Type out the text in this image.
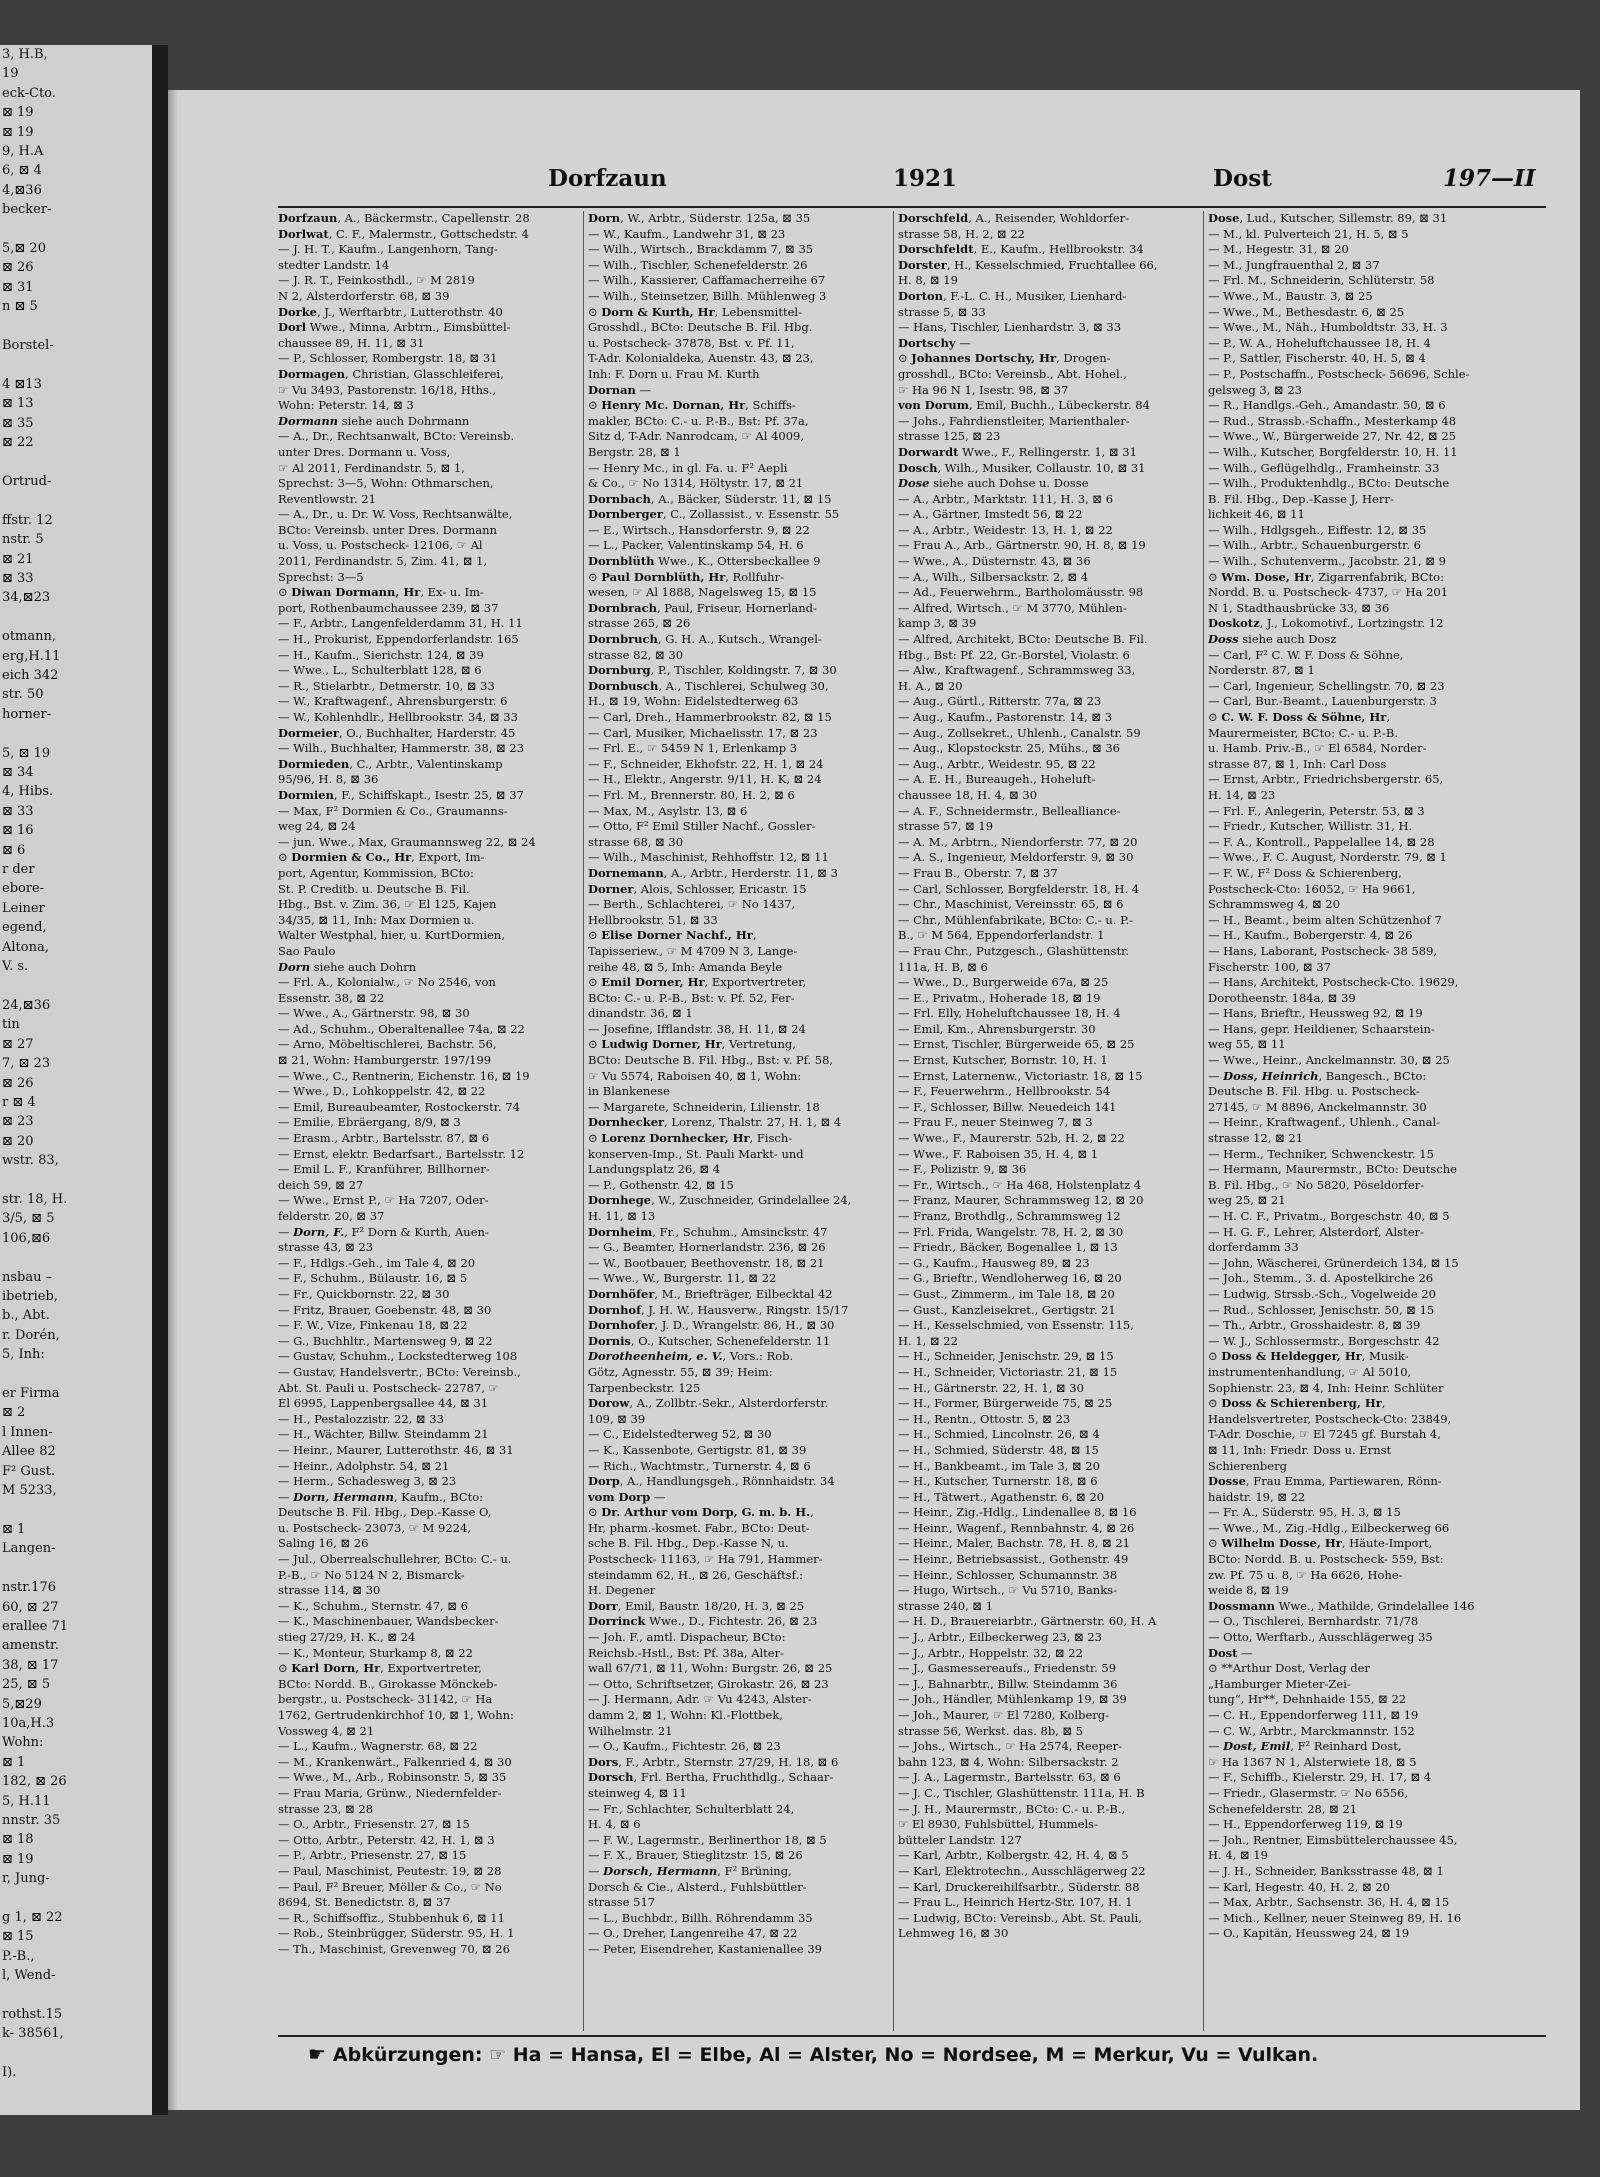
3, H.B,
19
eck-Cto.
⊠ 19
⊠ 19
9, H.A
6, ⊠ 4
4,⊠36
becker-

5,⊠ 20
⊠ 26
⊠ 31
n ⊠ 5

Borstel-

4 ⊠13
⊠ 13
⊠ 35
⊠ 22

Ortrud-

ffstr. 12
nstr. 5
⊠ 21
⊠ 33
34,⊠23

otmann,
erg,H.11
eich 342
str. 50
horner-

5, ⊠ 19
⊠ 34
4, Hibs.
⊠ 33
⊠ 16
⊠ 6
r der
ebore-
Leiner
egend,
Altona,
V. s.

24,⊠36
tin
⊠ 27
7, ⊠ 23
⊠ 26
r ⊠ 4
⊠ 23
⊠ 20
wstr. 83,

str. 18, H.
3/5, ⊠ 5
106,⊠6

nsbau –
ibetrieb,
b., Abt.
r. Dorén,
5, Inh:

er Firma
⊠ 2
l Innen-
Allee 82
F² Gust.
M 5233,

⊠ 1
Langen-

nstr.176
60, ⊠ 27
erallee 71
amenstr.
38, ⊠ 17
25, ⊠ 5
5,⊠29
10a,H.3
Wohn:
⊠ 1
182, ⊠ 26
5, H.11
nnstr. 35
⊠ 18
⊠ 19
r, Jung-

g 1, ⊠ 22
⊠ 15
P.-B.,
l, Wend-

rothst.15
k- 38561,

I).
Dorfzaun	1921	Dost	197—II
Dorfzaun, A., Bäckermstr., Capellenstr. 28
Dorlwat, C. F., Malermstr., Gottschedstr. 4
— J. H. T., Kaufm., Langenhorn, Tang-
stedter Landstr. 14
— J. R. T., Feinkosthdl., ☞ M 2819
N 2, Alsterdorferstr. 68, ⊠ 39
Dorke, J., Werftarbtr., Lutterothstr. 40
Dorl Wwe., Minna, Arbtrn., Eimsbüttel-
chaussee 89, H. 11, ⊠ 31
— P., Schlosser, Rombergstr. 18, ⊠ 31
Dormagen, Christian, Glasschleiferei,
☞ Vu 3493, Pastorenstr. 16/18, Hths.,
Wohn: Peterstr. 14, ⊠ 3
Dormann siehe auch Dohrmann
— A., Dr., Rechtsanwalt, BCto: Vereinsb.
unter Dres. Dormann u. Voss,
☞ Al 2011, Ferdinandstr. 5, ⊠ 1,
Sprechst: 3—5, Wohn: Othmarschen,
Reventlowstr. 21
— A., Dr., u. Dr. W. Voss, Rechtsanwälte,
BCto: Vereinsb. unter Dres. Dormann
u. Voss, u. Postscheck- 12106, ☞ Al
2011, Ferdinandstr. 5, Zim. 41, ⊠ 1,
Sprechst: 3—5
⊙ Diwan Dormann, Hr, Ex- u. Im-
port, Rothenbaumchaussee 239, ⊠ 37
— F., Arbtr., Langenfelderdamm 31, H. 11
— H., Prokurist, Eppendorferlandstr. 165
— H., Kaufm., Sierichstr. 124, ⊠ 39
— Wwe., L., Schulterblatt 128, ⊠ 6
— R., Stielarbtr., Detmerstr. 10, ⊠ 33
— W., Kraftwagenf., Ahrensburgerstr. 6
— W., Kohlenhdlr., Hellbrookstr. 34, ⊠ 33
Dormeier, O., Buchhalter, Harderstr. 45
— Wilh., Buchhalter, Hammerstr. 38, ⊠ 23
Dormieden, C., Arbtr., Valentinskamp
95/96, H. 8, ⊠ 36
Dormien, F., Schiffskapt., Isestr. 25, ⊠ 37
— Max, F² Dormien & Co., Graumanns-
weg 24, ⊠ 24
— jun. Wwe., Max, Graumannsweg 22, ⊠ 24
⊙ Dormien & Co., Hr, Export, Im-
port, Agentur, Kommission, BCto:
St. P. Creditb. u. Deutsche B. Fil.
Hbg., Bst. v. Zim. 36, ☞ El 125, Kajen
34/35, ⊠ 11, Inh: Max Dormien u.
Walter Westphal, hier, u. KurtDormien,
Sao Paulo
Dorn siehe auch Dohrn
— Frl. A., Kolonialw., ☞ No 2546, von
Essenstr. 38, ⊠ 22
— Wwe., A., Gärtnerstr. 98, ⊠ 30
— Ad., Schuhm., Oberaltenallee 74a, ⊠ 22
— Arno, Möbeltischlerei, Bachstr. 56,
⊠ 21, Wohn: Hamburgerstr. 197/199
— Wwe., C., Rentnerin, Eichenstr. 16, ⊠ 19
— Wwe., D., Lohkoppelstr. 42, ⊠ 22
— Emil, Bureaubeamter, Rostockerstr. 74
— Emilie, Ebräergang, 8/9, ⊠ 3
— Erasm., Arbtr., Bartelsstr. 87, ⊠ 6
— Ernst, elektr. Bedarfsart., Bartelsstr. 12
— Emil L. F., Kranführer, Billhorner-
deich 59, ⊠ 27
— Wwe., Ernst P., ☞ Ha 7207, Oder-
felderstr. 20, ⊠ 37
— Dorn, F., F² Dorn & Kurth, Auen-
strasse 43, ⊠ 23
— F., Hdlgs.-Geh., im Tale 4, ⊠ 20
— F., Schuhm., Bülaustr. 16, ⊠ 5
— Fr., Quickbornstr. 22, ⊠ 30
— Fritz, Brauer, Goebenstr. 48, ⊠ 30
— F. W., Vize, Finkenau 18, ⊠ 22
— G., Buchhltr., Martensweg 9, ⊠ 22
— Gustav, Schuhm., Lockstedterweg 108
— Gustav, Handelsvertr., BCto: Vereinsb.,
Abt. St. Pauli u. Postscheck- 22787, ☞
El 6995, Lappenbergsallee 44, ⊠ 31
— H., Pestalozzistr. 22, ⊠ 33
— H., Wächter, Billw. Steindamm 21
— Heinr., Maurer, Lutterothstr. 46, ⊠ 31
— Heinr., Adolphstr. 54, ⊠ 21
— Herm., Schadesweg 3, ⊠ 23
— Dorn, Hermann, Kaufm., BCto:
Deutsche B. Fil. Hbg., Dep.-Kasse O,
u. Postscheck- 23073, ☞ M 9224,
Saling 16, ⊠ 26
— Jul., Oberrealschullehrer, BCto: C.- u.
P.-B., ☞ No 5124 N 2, Bismarck-
strasse 114, ⊠ 30
— K., Schuhm., Sternstr. 47, ⊠ 6
— K., Maschinenbauer, Wandsbecker-
stieg 27/29, H. K., ⊠ 24
— K., Monteur, Sturkamp 8, ⊠ 22
⊙ Karl Dorn, Hr, Exportvertreter,
BCto: Nordd. B., Girokasse Mönckeb-
bergstr., u. Postscheck- 31142, ☞ Ha
1762, Gertrudenkirchhof 10, ⊠ 1, Wohn:
Vossweg 4, ⊠ 21
— L., Kaufm., Wagnerstr. 68, ⊠ 22
— M., Krankenwärt., Falkenried 4, ⊠ 30
— Wwe., M., Arb., Robinsonstr. 5, ⊠ 35
— Frau Maria, Grünw., Niedernfelder-
strasse 23, ⊠ 28
— O., Arbtr., Friesenstr. 27, ⊠ 15
— Otto, Arbtr., Peterstr. 42, H. 1, ⊠ 3
— P., Arbtr., Priesenstr. 27, ⊠ 15
— Paul, Maschinist, Peutestr. 19, ⊠ 28
— Paul, F² Breuer, Möller & Co., ☞ No
8694, St. Benedictstr. 8, ⊠ 37
— R., Schiffsoffiz., Stubbenhuk 6, ⊠ 11
— Rob., Steinbrügger, Süderstr. 95, H. 1
— Th., Maschinist, Grevenweg 70, ⊠ 26
Dorn, W., Arbtr., Süderstr. 125a, ⊠ 35
— W., Kaufm., Landwehr 31, ⊠ 23
— Wilh., Wirtsch., Brackdamm 7, ⊠ 35
— Wilh., Tischler, Schenefelderstr. 26
— Wilh., Kassierer, Caffamacherreihe 67
— Wilh., Steinsetzer, Billh. Mühlenweg 3
⊙ Dorn & Kurth, Hr, Lebensmittel-
Grosshdl., BCto: Deutsche B. Fil. Hbg.
u. Postscheck- 37878, Bst. v. Pf. 11,
T-Adr. Kolonialdeka, Auenstr. 43, ⊠ 23,
Inh: F. Dorn u. Frau M. Kurth
Dornan —
⊙ Henry Mc. Dornan, Hr, Schiffs-
makler, BCto: C.- u. P.-B., Bst: Pf. 37a,
Sitz d, T-Adr. Nanrodcam, ☞ Al 4009,
Bergstr. 28, ⊠ 1
— Henry Mc., in gl. Fa. u. F² Aepli
& Co., ☞ No 1314, Höltystr. 17, ⊠ 21
Dornbach, A., Bäcker, Süderstr. 11, ⊠ 15
Dornberger, C., Zollassist., v. Essenstr. 55
— E., Wirtsch., Hansdorferstr. 9, ⊠ 22
— L., Packer, Valentinskamp 54, H. 6
Dornblüth Wwe., K., Ottersbeckallee 9
⊙ Paul Dornblüth, Hr, Rollfuhr-
wesen, ☞ Al 1888, Nagelsweg 15, ⊠ 15
Dornbrach, Paul, Friseur, Hornerland-
strasse 265, ⊠ 26
Dornbruch, G. H. A., Kutsch., Wrangel-
strasse 82, ⊠ 30
Dornburg, P., Tischler, Koldingstr. 7, ⊠ 30
Dornbusch, A., Tischlerei, Schulweg 30,
H., ⊠ 19, Wohn: Eidelstedterweg 63
— Carl, Dreh., Hammerbrookstr. 82, ⊠ 15
— Carl, Musiker, Michaelisstr. 17, ⊠ 23
— Frl. E., ☞ 5459 N 1, Erlenkamp 3
— F., Schneider, Ekhofstr. 22, H. 1, ⊠ 24
— H., Elektr., Angerstr. 9/11, H. K, ⊠ 24
— Frl. M., Brennerstr. 80, H. 2, ⊠ 6
— Max, M., Asylstr. 13, ⊠ 6
— Otto, F² Emil Stiller Nachf., Gossler-
strasse 68, ⊠ 30
— Wilh., Maschinist, Rehhoffstr. 12, ⊠ 11
Dornemann, A., Arbtr., Herderstr. 11, ⊠ 3
Dorner, Alois, Schlosser, Ericastr. 15
— Berth., Schlachterei, ☞ No 1437,
Hellbrookstr. 51, ⊠ 33
⊙ Elise Dorner Nachf., Hr,
Tapisseriew., ☞ M 4709 N 3, Lange-
reihe 48, ⊠ 5, Inh: Amanda Beyle
⊙ Emil Dorner, Hr, Exportvertreter,
BCto: C.- u. P.-B., Bst: v. Pf. 52, Fer-
dinandstr. 36, ⊠ 1
— Josefine, Ifflandstr. 38, H. 11, ⊠ 24
⊙ Ludwig Dorner, Hr, Vertretung,
BCto: Deutsche B. Fil. Hbg., Bst: v. Pf. 58,
☞ Vu 5574, Raboisen 40, ⊠ 1, Wohn:
in Blankenese
— Margarete, Schneiderin, Lilienstr. 18
Dornhecker, Lorenz, Thalstr. 27, H. 1, ⊠ 4
⊙ Lorenz Dornhecker, Hr, Fisch-
konserven-Imp., St. Pauli Markt- und
Landungsplatz 26, ⊠ 4
— P., Gothenstr. 42, ⊠ 15
Dornhege, W., Zuschneider, Grindelallee 24,
H. 11, ⊠ 13
Dornheim, Fr., Schuhm., Amsinckstr. 47
— G., Beamter, Hornerlandstr. 236, ⊠ 26
— W., Bootbauer, Beethovenstr. 18, ⊠ 21
— Wwe., W., Burgerstr. 11, ⊠ 22
Dornhöfer, M., Briefträger, Eilbecktal 42
Dornhof, J. H. W., Hausverw., Ringstr. 15/17
Dornhofer, J. D., Wrangelstr. 86, H., ⊠ 30
Dornis, O., Kutscher, Schenefelderstr. 11
Dorotheenheim, e. V., Vors.: Rob.
Götz, Agnesstr. 55, ⊠ 39; Heim:
Tarpenbeckstr. 125
Dorow, A., Zollbtr.-Sekr., Alsterdorferstr.
109, ⊠ 39
— C., Eidelstedterweg 52, ⊠ 30
— K., Kassenbote, Gertigstr. 81, ⊠ 39
— Rich., Wachtmstr., Turnerstr. 4, ⊠ 6
Dorp, A., Handlungsgeh., Rönnhaidstr. 34
vom Dorp —
⊙ Dr. Arthur vom Dorp, G. m. b. H.,
Hr, pharm.-kosmet. Fabr., BCto: Deut-
sche B. Fil. Hbg., Dep.-Kasse N, u.
Postscheck- 11163, ☞ Ha 791, Hammer-
steindamm 62, H., ⊠ 26, Geschäftsf.:
H. Degener
Dorr, Emil, Baustr. 18/20, H. 3, ⊠ 25
Dorrinck Wwe., D., Fichtestr. 26, ⊠ 23
— Joh. F., amtl. Dispacheur, BCto:
Reichsb.-Hstl., Bst: Pf. 38a, Alter-
wall 67/71, ⊠ 11, Wohn: Burgstr. 26, ⊠ 25
— Otto, Schriftsetzer, Girokastr. 26, ⊠ 23
— J. Hermann, Adr. ☞ Vu 4243, Alster-
damm 2, ⊠ 1, Wohn: Kl.-Flottbek,
Wilhelmstr. 21
— O., Kaufm., Fichtestr. 26, ⊠ 23
Dors, F., Arbtr., Sternstr. 27/29, H. 18, ⊠ 6
Dorsch, Frl. Bertha, Fruchthdlg., Schaar-
steinweg 4, ⊠ 11
— Fr., Schlachter, Schulterblatt 24,
H. 4, ⊠ 6
— F. W., Lagermstr., Berlinerthor 18, ⊠ 5
— F. X., Brauer, Stieglitzstr. 15, ⊠ 26
— Dorsch, Hermann, F² Brüning,
Dorsch & Cie., Alsterd., Fuhlsbüttler-
strasse 517
— L., Buchbdr., Billh. Röhrendamm 35
— O., Dreher, Langenreihe 47, ⊠ 22
— Peter, Eisendreher, Kastanienallee 39
Dorschfeld, A., Reisender, Wohldorfer-
strasse 58, H. 2, ⊠ 22
Dorschfeldt, E., Kaufm., Hellbrookstr. 34
Dorster, H., Kesselschmied, Fruchtallee 66,
H. 8, ⊠ 19
Dorton, F.-L. C. H., Musiker, Lienhard-
strasse 5, ⊠ 33
— Hans, Tischler, Lienhardstr. 3, ⊠ 33
Dortschy —
⊙ Johannes Dortschy, Hr, Drogen-
grosshdl., BCto: Vereinsb., Abt. Hohel.,
☞ Ha 96 N 1, Isestr. 98, ⊠ 37
von Dorum, Emil, Buchh., Lübeckerstr. 84
— Johs., Fahrdienstleiter, Marienthaler-
strasse 125, ⊠ 23
Dorwardt Wwe., F., Rellingerstr. 1, ⊠ 31
Dosch, Wilh., Musiker, Collaustr. 10, ⊠ 31
Dose siehe auch Dohse u. Dosse
— A., Arbtr., Marktstr. 111, H. 3, ⊠ 6
— A., Gärtner, Imstedt 56, ⊠ 22
— A., Arbtr., Weidestr. 13, H. 1, ⊠ 22
— Frau A., Arb., Gärtnerstr. 90, H. 8, ⊠ 19
— Wwe., A., Düsternstr. 43, ⊠ 36
— A., Wilh., Silbersackstr. 2, ⊠ 4
— Ad., Feuerwehrm., Bartholomäusstr. 98
— Alfred, Wirtsch., ☞ M 3770, Mühlen-
kamp 3, ⊠ 39
— Alfred, Architekt, BCto: Deutsche B. Fil.
Hbg., Bst: Pf. 22, Gr.-Borstel, Violastr. 6
— Alw., Kraftwagenf., Schrammsweg 33,
H. A., ⊠ 20
— Aug., Gürtl., Ritterstr. 77a, ⊠ 23
— Aug., Kaufm., Pastorenstr. 14, ⊠ 3
— Aug., Zollsekret., Uhlenh., Canalstr. 59
— Aug., Klopstockstr. 25, Mühs., ⊠ 36
— Aug., Arbtr., Weidestr. 95, ⊠ 22
— A. E. H., Bureaugeh., Hoheluft-
chaussee 18, H. 4, ⊠ 30
— A. F., Schneidermstr., Bellealliance-
strasse 57, ⊠ 19
— A. M., Arbtrn., Niendorferstr. 77, ⊠ 20
— A. S., Ingenieur, Meldorferstr. 9, ⊠ 30
— Frau B., Oberstr. 7, ⊠ 37
— Carl, Schlosser, Borgfelderstr. 18, H. 4
— Chr., Maschinist, Vereinsstr. 65, ⊠ 6
— Chr., Mühlenfabrikate, BCto: C.- u. P.-
B., ☞ M 564, Eppendorferlandstr. 1
— Frau Chr., Putzgesch., Glashüttenstr.
111a, H. B, ⊠ 6
— Wwe., D., Burgerweide 67a, ⊠ 25
— E., Privatm., Hoherade 18, ⊠ 19
— Frl. Elly, Hoheluftchaussee 18, H. 4
— Emil, Km., Ahrensburgerstr. 30
— Ernst, Tischler, Bürgerweide 65, ⊠ 25
— Ernst, Kutscher, Bornstr. 10, H. 1
— Ernst, Laternenw., Victoriastr. 18, ⊠ 15
— F., Feuerwehrm., Hellbrookstr. 54
— F., Schlosser, Billw. Neuedeich 141
— Frau F., neuer Steinweg 7, ⊠ 3
— Wwe., F., Maurerstr. 52b, H. 2, ⊠ 22
— Wwe., F. Raboisen 35, H. 4, ⊠ 1
— F., Polizistr. 9, ⊠ 36
— Fr., Wirtsch., ☞ Ha 468, Holstenplatz 4
— Franz, Maurer, Schrammsweg 12, ⊠ 20
— Franz, Brothdlg., Schrammsweg 12
— Frl. Frida, Wangelstr. 78, H. 2, ⊠ 30
— Friedr., Bäcker, Bogenallee 1, ⊠ 13
— G., Kaufm., Hausweg 89, ⊠ 23
— G., Brieftr., Wendloherweg 16, ⊠ 20
— Gust., Zimmerm., im Tale 18, ⊠ 20
— Gust., Kanzleisekret., Gertigstr. 21
— H., Kesselschmied, von Essenstr. 115,
H. 1, ⊠ 22
— H., Schneider, Jenischstr. 29, ⊠ 15
— H., Schneider, Victoriastr. 21, ⊠ 15
— H., Gärtnerstr. 22, H. 1, ⊠ 30
— H., Former, Bürgerweide 75, ⊠ 25
— H., Rentn., Ottostr. 5, ⊠ 23
— H., Schmied, Lincolnstr. 26, ⊠ 4
— H., Schmied, Süderstr. 48, ⊠ 15
— H., Bankbeamt., im Tale 3, ⊠ 20
— H., Kutscher, Turnerstr. 18, ⊠ 6
— H., Tätwert., Agathenstr. 6, ⊠ 20
— Heinr., Zig.-Hdlg., Lindenallee 8, ⊠ 16
— Heinr., Wagenf., Rennbahnstr. 4, ⊠ 26
— Heinr., Maler, Bachstr. 78, H. 8, ⊠ 21
— Heinr., Betriebsassist., Gothenstr. 49
— Heinr., Schlosser, Schumannstr. 38
— Hugo, Wirtsch., ☞ Vu 5710, Banks-
strasse 240, ⊠ 1
— H. D., Brauereiarbtr., Gärtnerstr. 60, H. A
— J., Arbtr., Eilbeckerweg 23, ⊠ 23
— J., Arbtr., Hoppelstr. 32, ⊠ 22
— J., Gasmessereaufs., Friedenstr. 59
— J., Bahnarbtr., Billw. Steindamm 36
— Joh., Händler, Mühlenkamp 19, ⊠ 39
— Joh., Maurer, ☞ El 7280, Kolberg-
strasse 56, Werkst. das. 8b, ⊠ 5
— Johs., Wirtsch., ☞ Ha 2574, Reeper-
bahn 123, ⊠ 4, Wohn: Silbersackstr. 2
— J. A., Lagermstr., Bartelsstr. 63, ⊠ 6
— J. C., Tischler, Glashüttenstr. 111a, H. B
— J. H., Maurermstr., BCto: C.- u. P.-B.,
☞ El 8930, Fuhlsbüttel, Hummels-
bütteler Landstr. 127
— Karl, Arbtr., Kolbergstr. 42, H. 4, ⊠ 5
— Karl, Elektrotechn., Ausschlägerweg 22
— Karl, Druckereihilfsarbtr., Süderstr. 88
— Frau L., Heinrich Hertz-Str. 107, H. 1
— Ludwig, BCto: Vereinsb., Abt. St. Pauli,
Lehmweg 16, ⊠ 30
Dose, Lud., Kutscher, Sillemstr. 89, ⊠ 31
— M., kl. Pulverteich 21, H. 5, ⊠ 5
— M., Hegestr. 31, ⊠ 20
— M., Jungfrauenthal 2, ⊠ 37
— Frl. M., Schneiderin, Schlüterstr. 58
— Wwe., M., Baustr. 3, ⊠ 25
— Wwe., M., Bethesdastr. 6, ⊠ 25
— Wwe., M., Näh., Humboldtstr. 33, H. 3
— P., W. A., Hoheluftchaussee 18, H. 4
— P., Sattler, Fischerstr. 40, H. 5, ⊠ 4
— P., Postschaffn., Postscheck- 56696, Schle-
gelsweg 3, ⊠ 23
— R., Handlgs.-Geh., Amandastr. 50, ⊠ 6
— Rud., Strassb.-Schaffn., Mesterkamp 48
— Wwe., W., Bürgerweide 27, Nr. 42, ⊠ 25
— Wilh., Kutscher, Borgfelderstr. 10, H. 11
— Wilh., Geflügelhdlg., Framheinstr. 33
— Wilh., Produktenhdlg., BCto: Deutsche
B. Fil. Hbg., Dep.-Kasse J, Herr-
lichkeit 46, ⊠ 11
— Wilh., Hdlgsgeh., Eiffestr. 12, ⊠ 35
— Wilh., Arbtr., Schauenburgerstr. 6
— Wilh., Schutenverm., Jacobstr. 21, ⊠ 9
⊙ Wm. Dose, Hr, Zigarrenfabrik, BCto:
Nordd. B. u. Postscheck- 4737, ☞ Ha 201
N 1, Stadthausbrücke 33, ⊠ 36
Doskotz, J., Lokomotivf., Lortzingstr. 12
Doss siehe auch Dosz
— Carl, F² C. W. F. Doss & Söhne,
Norderstr. 87, ⊠ 1
— Carl, Ingenieur, Schellingstr. 70, ⊠ 23
— Carl, Bur.-Beamt., Lauenburgerstr. 3
⊙ C. W. F. Doss & Söhne, Hr,
Maurermeister, BCto: C.- u. P.-B.
u. Hamb. Priv.-B., ☞ El 6584, Norder-
strasse 87, ⊠ 1, Inh: Carl Doss
— Ernst, Arbtr., Friedrichsbergerstr. 65,
H. 14, ⊠ 23
— Frl. F., Anlegerin, Peterstr. 53, ⊠ 3
— Friedr., Kutscher, Willistr. 31, H.
— F. A., Kontroll., Pappelallee 14, ⊠ 28
— Wwe., F. C. August, Norderstr. 79, ⊠ 1
— F. W., F² Doss & Schierenberg,
Postscheck-Cto: 16052, ☞ Ha 9661,
Schrammsweg 4, ⊠ 20
— H., Beamt., beim alten Schützenhof 7
— H., Kaufm., Bobergerstr. 4, ⊠ 26
— Hans, Laborant, Postscheck- 38 589,
Fischerstr. 100, ⊠ 37
— Hans, Architekt, Postscheck-Cto. 19629,
Dorotheenstr. 184a, ⊠ 39
— Hans, Brieftr., Heussweg 92, ⊠ 19
— Hans, gepr. Heildiener, Schaarstein-
weg 55, ⊠ 11
— Wwe., Heinr., Anckelmannstr. 30, ⊠ 25
— Doss, Heinrich, Bangesch., BCto:
Deutsche B. Fil. Hbg. u. Postscheck-
27145, ☞ M 8896, Anckelmannstr. 30
— Heinr., Kraftwagenf., Uhlenh., Canal-
strasse 12, ⊠ 21
— Herm., Techniker, Schwenckestr. 15
— Hermann, Maurermstr., BCto: Deutsche
B. Fil. Hbg., ☞ No 5820, Pöseldorfer-
weg 25, ⊠ 21
— H. C. F., Privatm., Borgeschstr. 40, ⊠ 5
— H. G. F., Lehrer, Alsterdorf, Alster-
dorferdamm 33
— John, Wäscherei, Grünerdeich 134, ⊠ 15
— Joh., Stemm., 3. d. Apostelkirche 26
— Ludwig, Strssb.-Sch., Vogelweide 20
— Rud., Schlosser, Jenischstr. 50, ⊠ 15
— Th., Arbtr., Grosshaidestr. 8, ⊠ 39
— W. J., Schlossermstr., Borgeschstr. 42
⊙ Doss & Heldegger, Hr, Musik-
instrumentenhandlung, ☞ Al 5010,
Sophienstr. 23, ⊠ 4, Inh: Heinr. Schlüter
⊙ Doss & Schierenberg, Hr,
Handelsvertreter, Postscheck-Cto: 23849,
T-Adr. Doschie, ☞ El 7245 gf. Burstah 4,
⊠ 11, Inh: Friedr. Doss u. Ernst
Schierenberg
Dosse, Frau Emma, Partiewaren, Rönn-
haidstr. 19, ⊠ 22
— Fr. A., Süderstr. 95, H. 3, ⊠ 15
— Wwe., M., Zig.-Hdlg., Eilbeckerweg 66
⊙ Wilhelm Dosse, Hr, Häute-Import,
BCto: Nordd. B. u. Postscheck- 559, Bst:
zw. Pf. 75 u. 8, ☞ Ha 6626, Hohe-
weide 8, ⊠ 19
Dossmann Wwe., Mathilde, Grindelallee 146
— O., Tischlerei, Bernhardstr. 71/78
— Otto, Werftarb., Ausschlägerweg 35
Dost —
⊙ **Arthur Dost, Verlag der
„Hamburger Mieter-Zei-
tung“, Hr**, Dehnhaide 155, ⊠ 22
— C. H., Eppendorferweg 111, ⊠ 19
— C. W., Arbtr., Marckmannstr. 152
— Dost, Emil, F² Reinhard Dost,
☞ Ha 1367 N 1, Alsterwiete 18, ⊠ 5
— F., Schiffb., Kielerstr. 29, H. 17, ⊠ 4
— Friedr., Glasermstr. ☞ No 6556,
Schenefelderstr. 28, ⊠ 21
— H., Eppendorferweg 119, ⊠ 19
— Joh., Rentner, Eimsbüttelerchaussee 45,
H. 4, ⊠ 19
— J. H., Schneider, Banksstrasse 48, ⊠ 1
— Karl, Hegestr. 40, H. 2, ⊠ 20
— Max, Arbtr., Sachsenstr. 36, H. 4, ⊠ 15
— Mich., Kellner, neuer Steinweg 89, H. 16
— O., Kapitän, Heussweg 24, ⊠ 19
☛ Abkürzungen: ☞ Ha = Hansa, El = Elbe, Al = Alster, No = Nordsee, M = Merkur, Vu = Vulkan.
